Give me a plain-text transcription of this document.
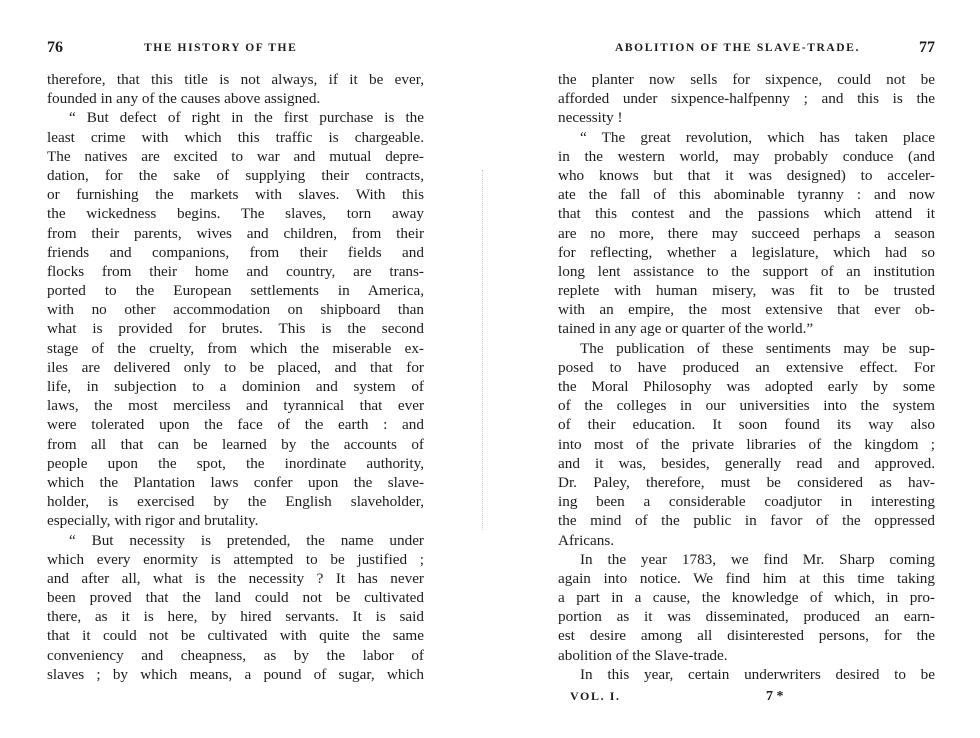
76	THE HISTORY OF THE
therefore, that this title is not always, if it be ever,
founded in any of the causes above assigned.
“ But defect of right in the first purchase is the
least crime with which this traffic is chargeable.
The natives are excited to war and mutual depre-
dation, for the sake of supplying their contracts,
or furnishing the markets with slaves. With this
the wickedness begins. The slaves, torn away
from their parents, wives and children, from their
friends and companions, from their fields and
flocks from their home and country, are trans-
ported to the European settlements in America,
with no other accommodation on shipboard than
what is provided for brutes. This is the second
stage of the cruelty, from which the miserable ex-
iles are delivered only to be placed, and that for
life, in subjection to a dominion and system of
laws, the most merciless and tyrannical that ever
were tolerated upon the face of the earth : and
from all that can be learned by the accounts of
people upon the spot, the inordinate authority,
which the Plantation laws confer upon the slave-
holder, is exercised by the English slaveholder,
especially, with rigor and brutality.
“ But necessity is pretended, the name under
which every enormity is attempted to be justified ;
and after all, what is the necessity ? It has never
been proved that the land could not be cultivated
there, as it is here, by hired servants. It is said
that it could not be cultivated with quite the same
conveniency and cheapness, as by the labor of
slaves ; by which means, a pound of sugar, which
ABOLITION OF THE SLAVE-TRADE.	77
the planter now sells for sixpence, could not be
afforded under sixpence-halfpenny ; and this is the
necessity !
“ The great revolution, which has taken place
in the western world, may probably conduce (and
who knows but that it was designed) to acceler-
ate the fall of this abominable tyranny : and now
that this contest and the passions which attend it
are no more, there may succeed perhaps a season
for reflecting, whether a legislature, which had so
long lent assistance to the support of an institution
replete with human misery, was fit to be trusted
with an empire, the most extensive that ever ob-
tained in any age or quarter of the world.”
The publication of these sentiments may be sup-
posed to have produced an extensive effect. For
the Moral Philosophy was adopted early by some
of the colleges in our universities into the system
of their education. It soon found its way also
into most of the private libraries of the kingdom ;
and it was, besides, generally read and approved.
Dr. Paley, therefore, must be considered as hav-
ing been a considerable coadjutor in interesting
the mind of the public in favor of the oppressed
Africans.
In the year 1783, we find Mr. Sharp coming
again into notice. We find him at this time taking
a part in a cause, the knowledge of which, in pro-
portion as it was disseminated, produced an earn-
est desire among all disinterested persons, for the
abolition of the Slave-trade.
In this year, certain underwriters desired to be
VOL. I.	7 *
